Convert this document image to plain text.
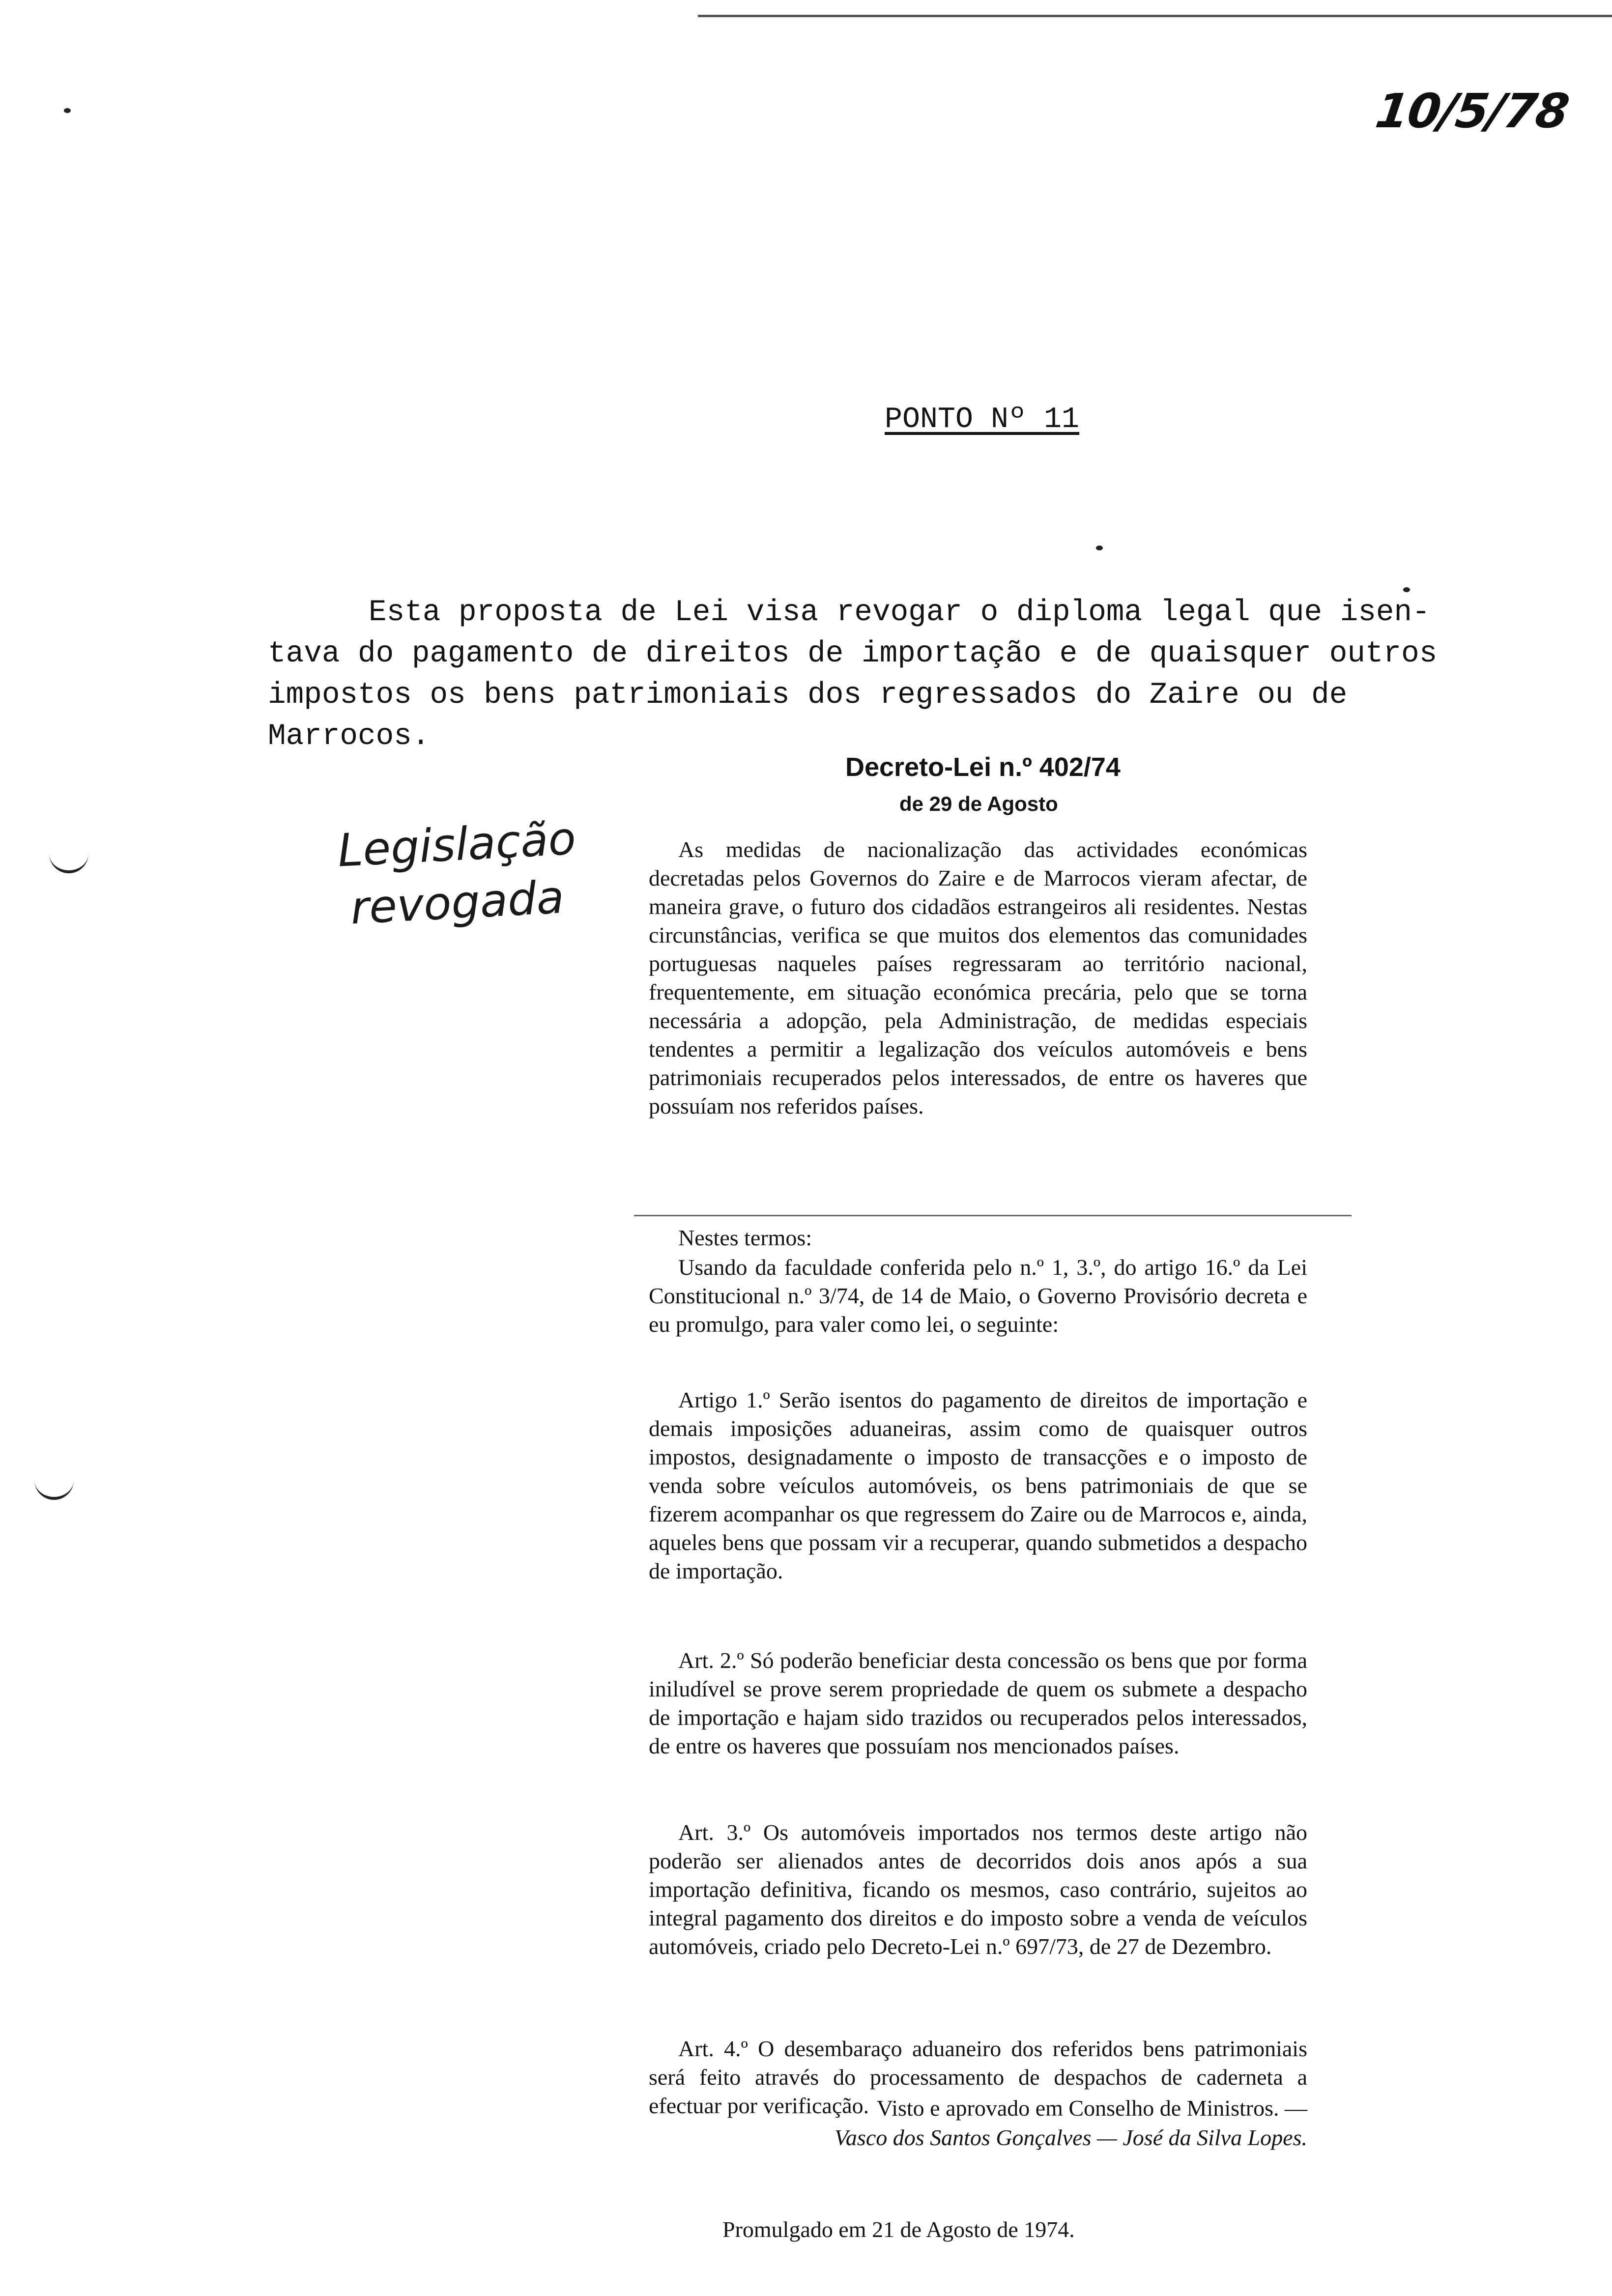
10/5/78
PONTO Nº 11
Esta proposta de Lei visa revogar o diploma legal que isen-
tava do pagamento de direitos de importação e de quaisquer outros
impostos os bens patrimoniais dos regressados do Zaire ou de
Marrocos.
Legislação
revogada
Decreto-Lei n.º 402/74
de 29 de Agosto

As medidas de nacionalização das actividades económicas decretadas pelos Governos do Zaire e de Marrocos vieram afectar, de maneira grave, o futuro dos cidadãos estrangeiros ali residentes. Nestas circunstâncias, verifica se que muitos dos elementos das comunidades portuguesas naqueles países regressaram ao território nacional, frequentemente, em situação económica precária, pelo que se torna necessária a adopção, pela Administração, de medidas especiais tendentes a permitir a legalização dos veículos automóveis e bens patrimoniais recuperados pelos interessados, de entre os haveres que possuíam nos referidos países.

Nestes termos:

Usando da faculdade conferida pelo n.º 1, 3.º, do artigo 16.º da Lei Constitucional n.º 3/74, de 14 de Maio, o Governo Provisório decreta e eu promulgo, para valer como lei, o seguinte:

Artigo 1.º Serão isentos do pagamento de direitos de importação e demais imposições aduaneiras, assim como de quaisquer outros impostos, designadamente o imposto de transacções e o imposto de venda sobre veículos automóveis, os bens patrimoniais de que se fizerem acompanhar os que regressem do Zaire ou de Marrocos e, ainda, aqueles bens que possam vir a recuperar, quando submetidos a despacho de importação.

Art. 2.º Só poderão beneficiar desta concessão os bens que por forma iniludível se prove serem propriedade de quem os submete a despacho de importação e hajam sido trazidos ou recuperados pelos interessados, de entre os haveres que possuíam nos mencionados países.

Art. 3.º Os automóveis importados nos termos deste artigo não poderão ser alienados antes de decorridos dois anos após a sua importação definitiva, ficando os mesmos, caso contrário, sujeitos ao integral pagamento dos direitos e do imposto sobre a venda de veículos automóveis, criado pelo Decreto-Lei n.º 697/73, de 27 de Dezembro.

Art. 4.º O desembaraço aduaneiro dos referidos bens patrimoniais será feito através do processamento de despachos de caderneta a efectuar por verificação. Visto e aprovado em Conselho de Ministros. —
Vasco dos Santos Gonçalves — José da Silva Lopes.
Promulgado em 21 de Agosto de 1974.
